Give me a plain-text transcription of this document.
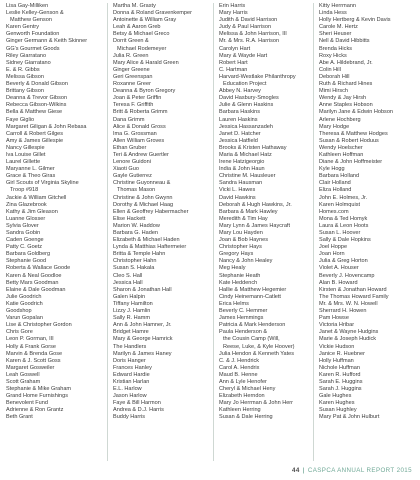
Lisa Gay-Milliken
Leslie Kelley-Genson &
Matthew Genson
Karen Gentry
Genworth Foundation
Ginger Germann & Keith Skinner
GG's Gourmet Goods
Riley Giarratano
Sidney Giarratano
E. & R. Gibbs
Melissa Gibson
Beverly & Donald Gibson
Brittany Gibson
Deanna & Trevor Gibson
Rebecca Gibson-Wilkins
Bella & Matthew Giese
Faye Giglio
Margaret Giligan & John Rebasa
Carroll & Robert Gilges
Amy & James Gillespie
Nancy Gillespie
Iva Louise Gillet
Laurel Gillette
Maryanne L. Gilmer
Grace & Theo Giras
Girl Scouts of Virginia Skyline
Troop #918
Jackie & William Gitchell
Zina Glazebrook
Kathy & Jim Gleason
Luanne Glosser
Sylvia Glover
Sandra Gobin
Caden Goenge
Patty C. Goetz
Barbara Goldberg
Stephanie Good
Roberta & Wallace Goode
Karen & Neal Goodloe
Betty Mars Goodman
Elaine & Dale Goodman
Julie Goodrich
Katie Goodrich
Goodshop
Varun Gopalan
Lise & Christopher Gordon
Chris Gore
Leon P. Gorman, III
Holly & Frank Gorse
Marvin & Brenda Gose
Karen & J. Scott Goss
Margaret Gosweiler
Leah Goswell
Scott Graham
Stephanie & Mike Graham
Grand Home Furnishings
Benevolent Fund
Adrienne & Ron Grantz
Beth Grant
Martha M. Grasty
Donna & Roland Gravenkemper
Antoinette & William Gray
Leah & Aaron Greb
Betsy & Michael Greco
Dorrit Green &
Michael Rodemeyer
Julia R. Green
Mary Alice & Harald Green
Ginger Greene
Geri Greenspan
Roxanne Greer
Deanna & Byron Gregory
Joan & Peter Griffin
Teresa F. Griffith
Britt & Roberta Grimm
Dana Grimm
Alice & Donald Gross
Ima G. Grossman
Allen William Groves
Ethan Gruber
Teri & Andrew Guertler
Lenore Guidoni
Xiaoti Guo
Gayle Gutierrez
Christine Guyonneau &
Thomas Mason
Christine & John Gwynn
Dorothy & Michael Haag
Ellen & Geoffrey Habermacher
Elise Hackett
Marion W. Haddow
Barbara G. Haden
Elizabeth & Michael Haden
Lynda & Matthias Haftermeier
Britta & Temple Hahn
Christopher Hahn
Susan S. Hakala
Cleo S. Hall
Jessica Hall
Sharon & Jonathan Hall
Galen Halpin
Tiffany Hamilton
Lizzy J. Hamlin
Sally R. Hamm
Ann & John Hamner, Jr.
Bridget Hamre
Mary & George Hamrick
The Handlers
Marilyn & James Haney
Doris Hanger
Frances Hanley
Edward Hardie
Kristian Harlan
E.L. Harlow
Jason Harlow
Faye & Bill Harmon
Andrea & D.J. Harris
Buddy Harris
Erin Harris
Mary Harris
Judith & David Harrison
Judy & Paul Harrison
Melissa & John Harrison, III
Mr. & Mrs. R.A. Harrison
Carolyn Hart
Mary & Wayde Hart
Robert Hart
C. Hartman
Harvard-Westlake Philanthropy
Education Project
Abbey N. Harvey
David Hasbury-Smogles
Julie & Glenn Haskins
Barbara Haskins
Lauren Haskins
Jessica Hassanzadeh
Janet D. Hatcher
Jessica Hatfield
Brooks & Kristen Hathaway
Maria & Michael Hatz
Irene Hatzigeorgio
India & John Haun
Christine M. Hausleuer
Sandra Hausman
Vicki L. Hawes
David Hawkins
Deborah & Hugh Hawkins, Jr.
Barbara & Mark Hawley
Meredith & Tim Hay
Mary Lynn & James Haycraft
Mary Lou Hayden
Joan & Bob Haynes
Christopher Hays
Gregory Hays
Nancy & John Healey
Meg Healy
Stephanie Heath
Kate Heddench
Hallie & Matthew Hegemier
Cindy Heinemann-Catlett
Erica Helms
Beverly C. Hemmer
James Hemmings
Patricia & Mark Henderson
Paula Henderson &
the Cousin Camp (Will,
Reese, Luke, & Kyle Hoover)
Julia Hendon & Kenneth Yates
C. & J. Hendrick
Carol A. Hendrix
Maud B. Henne
Ann & Lyle Henofer
Cheryl & Michael Heny
Elizabeth Herndon
Mary Jo Herrman & John Herr
Kathleen Herring
Susan & Dale Herring
Kitty Herrmann
Linda Hess
Holly Hertberg & Kevin Davis
Carole M. Hertz
Sheri Heuser
Nell & David Hibbitts
Brenda Hicks
Roxy Hicks
Abe A. Hildebrand, Jr.
Colin Hill
Deborah Hill
Ruth & Richard Hines
Mimi Hirsch
Wendy & Jay Hirsh
Anne Staples Hobson
Marilyn Jane & Edwin Hobson
Arlene Hochberg
Mary Hodge
Theresa & Matthew Hodges
Susan & Robert Hoduus
Wendy Hoelscher
Kathleen Hoffman
Diane & John Hoffmeister
Kyle Hogg
Barbara Holland
Clair Holland
Eliza Holland
John E. Holmes, Jr.
Karen Holmquist
Homes.com
Mona & Ted Homyk
Laura & Leon Hoots
Susan L. Hoover
Sally & Dale Hopkins
Joel Hoppe
Joan Horn
Julia & Greg Horton
Violet A. Houser
Beverly J. Hovencamp
Alan B. Howard
Kirsten & Jonathan Howard
The Thomas Howard Family
Mr. & Mrs. W. N. Howell
Sherrard H. Howen
Pam Howse
Victoria Hribar
Janet & Wayne Hudgins
Marie & Joseph Hudick
Vickie Hudson
Janice R. Huebner
Holly Huffman
Nichole Huffman
Karen R. Hufford
Sarah E. Huggins
Sarah J. Huggins
Gale Hughes
Karen Hughes
Susan Hughley
Mary Pat & John Hulburt
44 | CASPCA ANNUAL REPORT 2015
